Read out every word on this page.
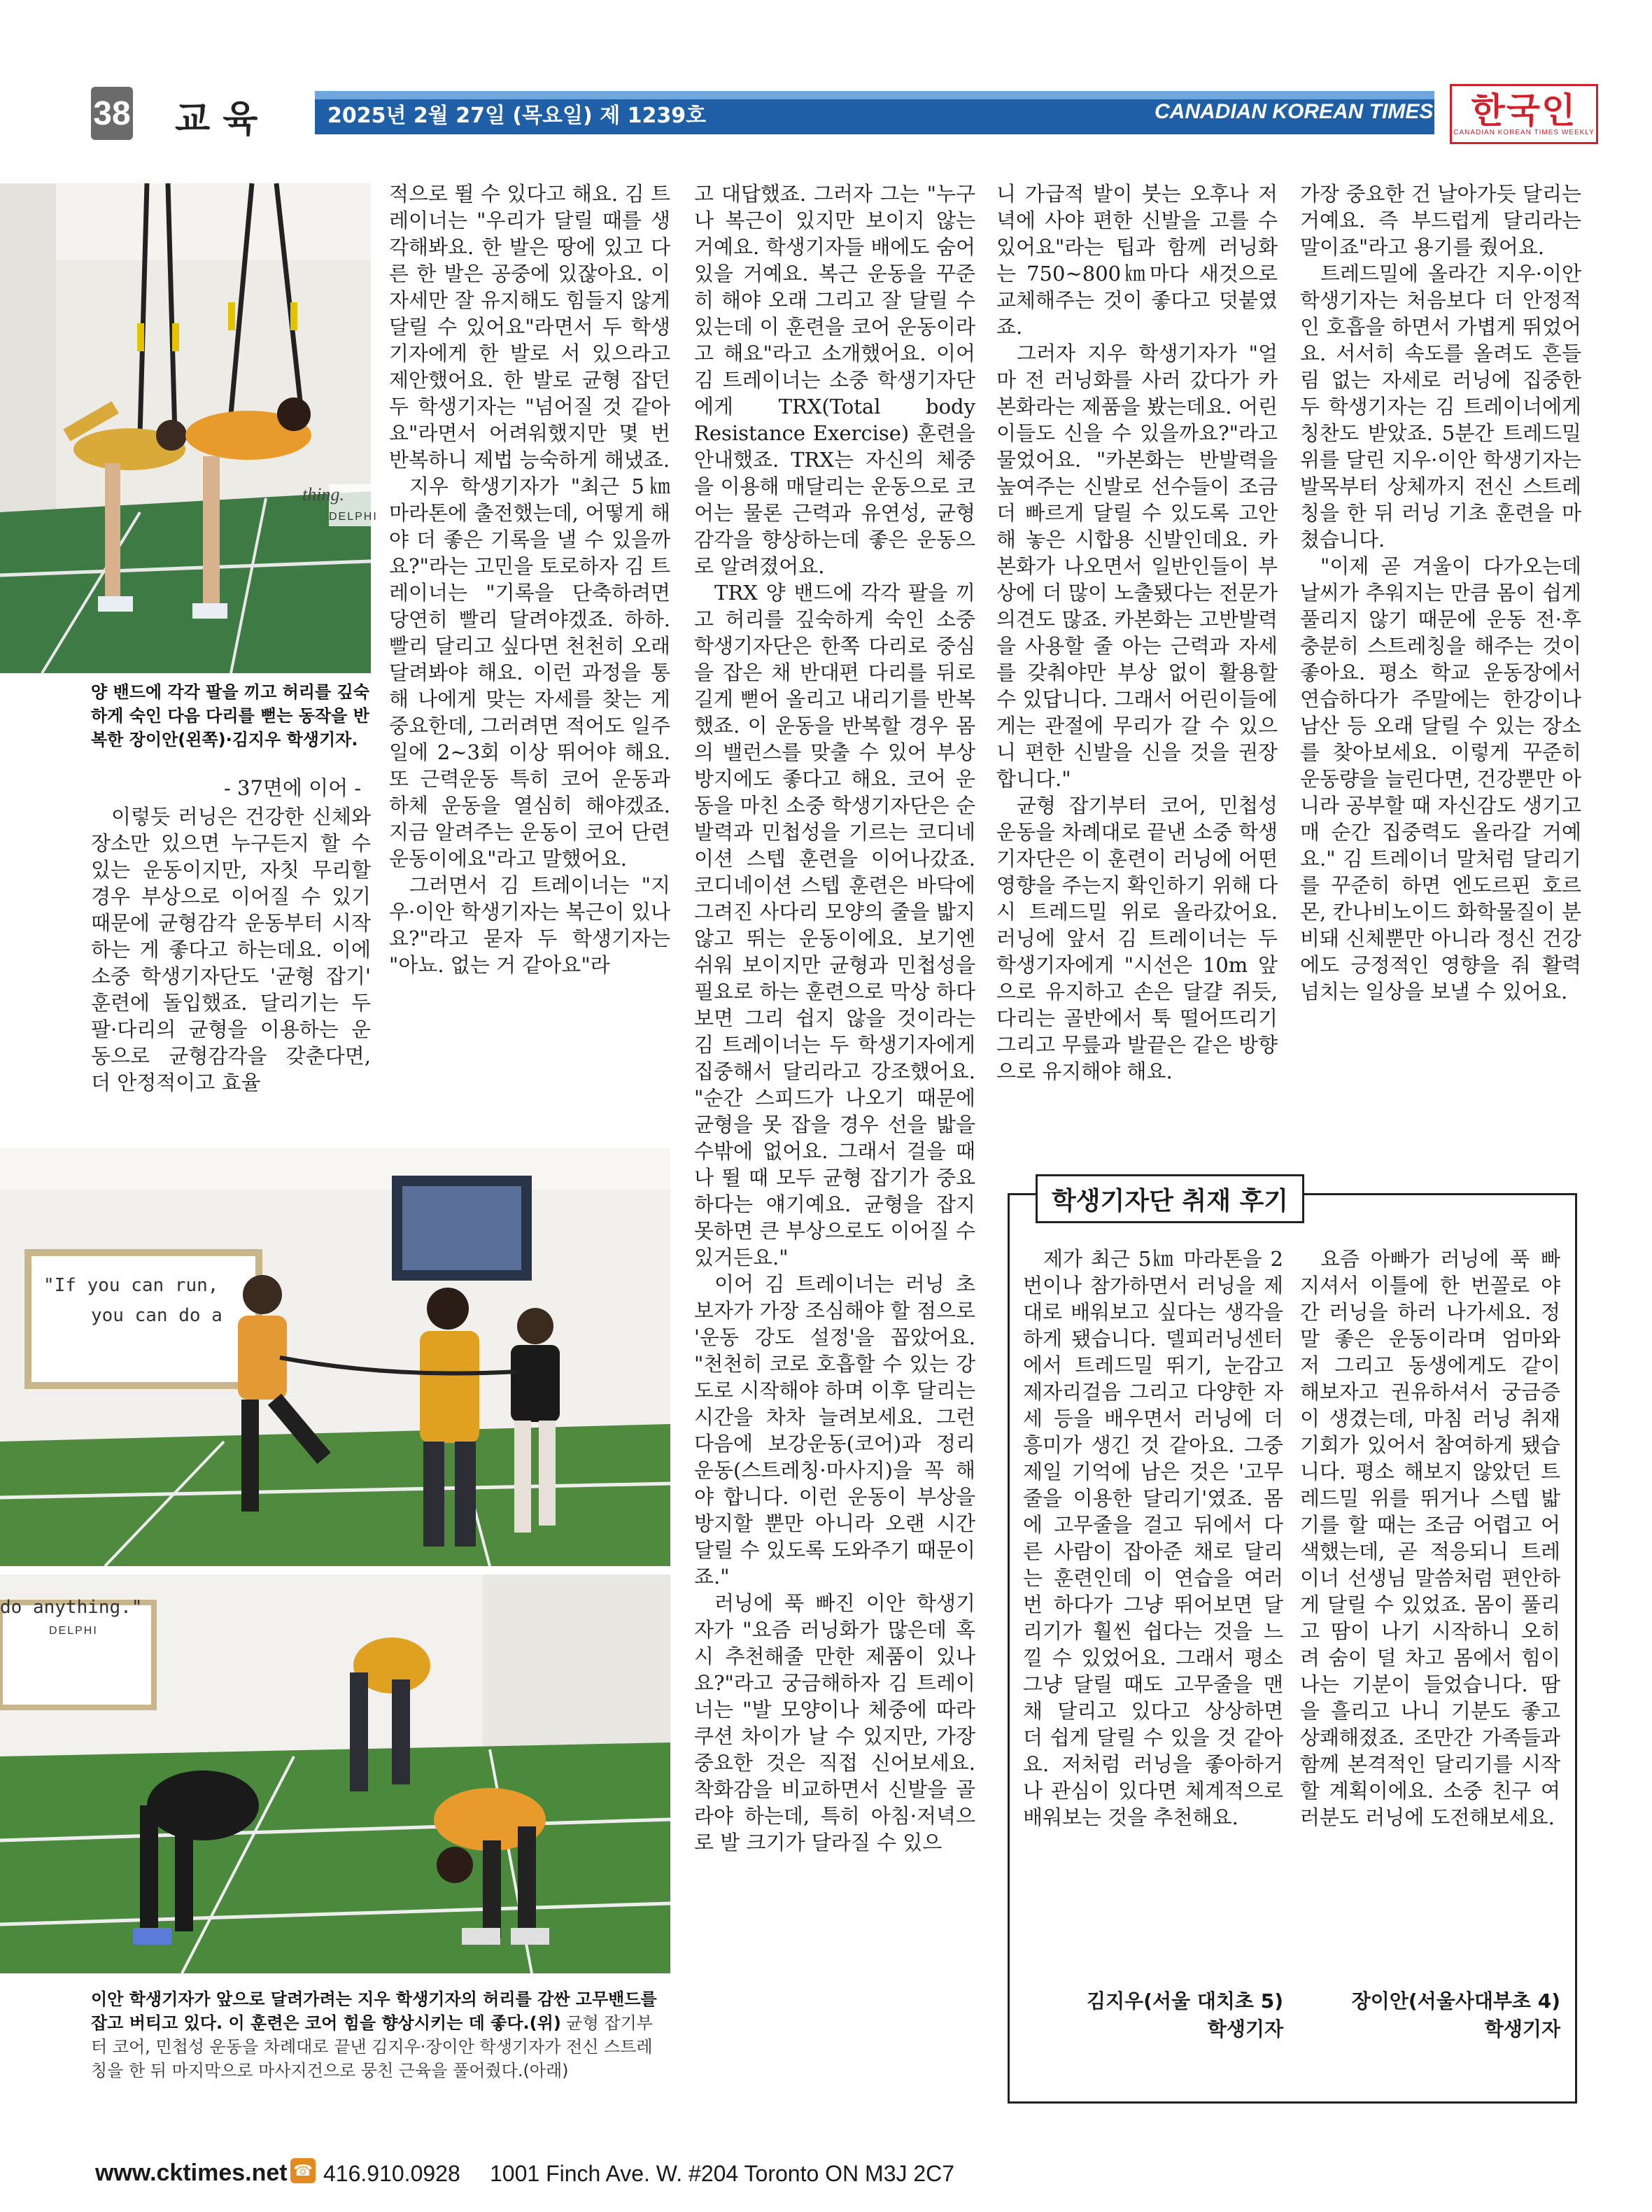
38 교육	2025년 2월 27일 (목요일) 제 1239호	CANADIAN KOREAN TIMES 한국인
CANADIAN KOREAN TIMES WEEKLY
thing.
DELPHI
양 밴드에 각각 팔을 끼고 허리를 깊숙하게 숙인 다음 다리를 뻗는 동작을 반복한 장이안(왼쪽)·김지우 학생기자.
- 37면에 이어 -

이렇듯 러닝은 건강한 신체와 장소만 있으면 누구든지 할 수 있는 운동이지만, 자칫 무리할 경우 부상으로 이어질 수 있기 때문에 균형감각 운동부터 시작하는 게 좋다고 하는데요. 이에 소중 학생기자단도 '균형 잡기' 훈련에 돌입했죠. 달리기는 두 팔·다리의 균형을 이용하는 운동으로 균형감각을 갖춘다면, 더 안정적이고 효율

적으로 뛸 수 있다고 해요. 김 트레이너는 "우리가 달릴 때를 생각해봐요. 한 발은 땅에 있고 다른 한 발은 공중에 있잖아요. 이 자세만 잘 유지해도 힘들지 않게 달릴 수 있어요"라면서 두 학생기자에게 한 발로 서 있으라고 제안했어요. 한 발로 균형 잡던 두 학생기자는 "넘어질 것 같아요"라면서 어려워했지만 몇 번 반복하니 제법 능숙하게 해냈죠.

지우 학생기자가 "최근 5㎞ 마라톤에 출전했는데, 어떻게 해야 더 좋은 기록을 낼 수 있을까요?"라는 고민을 토로하자 김 트레이너는 "기록을 단축하려면 당연히 빨리 달려야겠죠. 하하. 빨리 달리고 싶다면 천천히 오래 달려봐야 해요. 이런 과정을 통해 나에게 맞는 자세를 찾는 게 중요한데, 그러려면 적어도 일주일에 2~3회 이상 뛰어야 해요. 또 근력운동 특히 코어 운동과 하체 운동을 열심히 해야겠죠. 지금 알려주는 운동이 코어 단련 운동이에요"라고 말했어요.

그러면서 김 트레이너는 "지우·이안 학생기자는 복근이 있나요?"라고 묻자 두 학생기자는 "아뇨. 없는 거 같아요"라

고 대답했죠. 그러자 그는 "누구나 복근이 있지만 보이지 않는 거예요. 학생기자들 배에도 숨어 있을 거예요. 복근 운동을 꾸준히 해야 오래 그리고 잘 달릴 수 있는데 이 훈련을 코어 운동이라고 해요"라고 소개했어요. 이어 김 트레이너는 소중 학생기자단에게 TRX(Total body Resistance Exercise) 훈련을 안내했죠. TRX는 자신의 체중을 이용해 매달리는 운동으로 코어는 물론 근력과 유연성, 균형감각을 향상하는데 좋은 운동으로 알려졌어요.

TRX 양 밴드에 각각 팔을 끼고 허리를 깊숙하게 숙인 소중 학생기자단은 한쪽 다리로 중심을 잡은 채 반대편 다리를 뒤로 길게 뻗어 올리고 내리기를 반복했죠. 이 운동을 반복할 경우 몸의 밸런스를 맞출 수 있어 부상 방지에도 좋다고 해요. 코어 운동을 마친 소중 학생기자단은 순발력과 민첩성을 기르는 코디네이션 스텝 훈련을 이어나갔죠. 코디네이션 스텝 훈련은 바닥에 그려진 사다리 모양의 줄을 밟지 않고 뛰는 운동이에요. 보기엔 쉬워 보이지만 균형과 민첩성을 필요로 하는 훈련으로 막상 하다 보면 그리 쉽지 않을 것이라는 김 트레이너는 두 학생기자에게 집중해서 달리라고 강조했어요. "순간 스피드가 나오기 때문에 균형을 못 잡을 경우 선을 밟을 수밖에 없어요. 그래서 걸을 때나 뛸 때 모두 균형 잡기가 중요하다는 얘기예요. 균형을 잡지 못하면 큰 부상으로도 이어질 수 있거든요."

이어 김 트레이너는 러닝 초보자가 가장 조심해야 할 점으로 '운동 강도 설정'을 꼽았어요. "천천히 코로 호흡할 수 있는 강도로 시작해야 하며 이후 달리는 시간을 차차 늘려보세요. 그런 다음에 보강운동(코어)과 정리운동(스트레칭·마사지)을 꼭 해야 합니다. 이런 운동이 부상을 방지할 뿐만 아니라 오랜 시간 달릴 수 있도록 도와주기 때문이죠."

러닝에 푹 빠진 이안 학생기자가 "요즘 러닝화가 많은데 혹시 추천해줄 만한 제품이 있나요?"라고 궁금해하자 김 트레이너는 "발 모양이나 체중에 따라 쿠션 차이가 날 수 있지만, 가장 중요한 것은 직접 신어보세요. 착화감을 비교하면서 신발을 골라야 하는데, 특히 아침·저녁으로 발 크기가 달라질 수 있으

니 가급적 발이 붓는 오후나 저녁에 사야 편한 신발을 고를 수 있어요"라는 팁과 함께 러닝화는 750~800㎞마다 새것으로 교체해주는 것이 좋다고 덧붙였죠.

그러자 지우 학생기자가 "얼마 전 러닝화를 사러 갔다가 카본화라는 제품을 봤는데요. 어린이들도 신을 수 있을까요?"라고 물었어요. "카본화는 반발력을 높여주는 신발로 선수들이 조금 더 빠르게 달릴 수 있도록 고안해 놓은 시합용 신발인데요. 카본화가 나오면서 일반인들이 부상에 더 많이 노출됐다는 전문가 의견도 많죠. 카본화는 고반발력을 사용할 줄 아는 근력과 자세를 갖춰야만 부상 없이 활용할 수 있답니다. 그래서 어린이들에게는 관절에 무리가 갈 수 있으니 편한 신발을 신을 것을 권장합니다."

균형 잡기부터 코어, 민첩성 운동을 차례대로 끝낸 소중 학생기자단은 이 훈련이 러닝에 어떤 영향을 주는지 확인하기 위해 다시 트레드밀 위로 올라갔어요. 러닝에 앞서 김 트레이너는 두 학생기자에게 "시선은 10m 앞으로 유지하고 손은 달걀 쥐듯, 다리는 골반에서 툭 떨어뜨리기 그리고 무릎과 발끝은 같은 방향으로 유지해야 해요.

가장 중요한 건 날아가듯 달리는 거예요. 즉 부드럽게 달리라는 말이죠"라고 용기를 줬어요.

트레드밀에 올라간 지우·이안 학생기자는 처음보다 더 안정적인 호흡을 하면서 가볍게 뛰었어요. 서서히 속도를 올려도 흔들림 없는 자세로 러닝에 집중한 두 학생기자는 김 트레이너에게 칭찬도 받았죠. 5분간 트레드밀 위를 달린 지우·이안 학생기자는 발목부터 상체까지 전신 스트레칭을 한 뒤 러닝 기초 훈련을 마쳤습니다.

"이제 곧 겨울이 다가오는데 날씨가 추워지는 만큼 몸이 쉽게 풀리지 않기 때문에 운동 전·후 충분히 스트레칭을 해주는 것이 좋아요. 평소 학교 운동장에서 연습하다가 주말에는 한강이나 남산 등 오래 달릴 수 있는 장소를 찾아보세요. 이렇게 꾸준히 운동량을 늘린다면, 건강뿐만 아니라 공부할 때 자신감도 생기고 매 순간 집중력도 올라갈 거예요." 김 트레이너 말처럼 달리기를 꾸준히 하면 엔도르핀 호르몬, 칸나비노이드 화학물질이 분비돼 신체뿐만 아니라 정신 건강에도 긍정적인 영향을 줘 활력 넘치는 일상을 보낼 수 있어요.

"If you can run,
you can do a
do anything."
DELPHI
이안 학생기자가 앞으로 달려가려는 지우 학생기자의 허리를 감싼 고무밴드를 잡고 버티고 있다. 이 훈련은 코어 힘을 향상시키는 데 좋다.(위) 균형 잡기부터 코어, 민첩성 운동을 차례대로 끝낸 김지우·장이안 학생기자가 전신 스트레칭을 한 뒤 마지막으로 마사지건으로 뭉친 근육을 풀어줬다.(아래)
학생기자단 취재 후기

제가 최근 5㎞ 마라톤을 2번이나 참가하면서 러닝을 제대로 배워보고 싶다는 생각을 하게 됐습니다. 델피러닝센터에서 트레드밀 뛰기, 눈감고 제자리걸음 그리고 다양한 자세 등을 배우면서 러닝에 더 흥미가 생긴 것 같아요. 그중 제일 기억에 남은 것은 '고무줄을 이용한 달리기'였죠. 몸에 고무줄을 걸고 뒤에서 다른 사람이 잡아준 채로 달리는 훈련인데 이 연습을 여러 번 하다가 그냥 뛰어보면 달리기가 훨씬 쉽다는 것을 느낄 수 있었어요. 그래서 평소 그냥 달릴 때도 고무줄을 맨 채 달리고 있다고 상상하면 더 쉽게 달릴 수 있을 것 같아요. 저처럼 러닝을 좋아하거나 관심이 있다면 체계적으로 배워보는 것을 추천해요.

김지우(서울 대치초 5)
학생기자

요즘 아빠가 러닝에 푹 빠지셔서 이틀에 한 번꼴로 야간 러닝을 하러 나가세요. 정말 좋은 운동이라며 엄마와 저 그리고 동생에게도 같이 해보자고 권유하셔서 궁금증이 생겼는데, 마침 러닝 취재 기회가 있어서 참여하게 됐습니다. 평소 해보지 않았던 트레드밀 위를 뛰거나 스텝 밟기를 할 때는 조금 어렵고 어색했는데, 곧 적응되니 트레이너 선생님 말씀처럼 편안하게 달릴 수 있었죠. 몸이 풀리고 땀이 나기 시작하니 오히려 숨이 덜 차고 몸에서 힘이 나는 기분이 들었습니다. 땀을 흘리고 나니 기분도 좋고 상쾌해졌죠. 조만간 가족들과 함께 본격적인 달리기를 시작할 계획이에요. 소중 친구 여러분도 러닝에 도전해보세요.

장이안(서울사대부초 4)
학생기자
www.cktimes.net ☎ 416.910.0928 1001 Finch Ave. W. #204 Toronto ON M3J 2C7
